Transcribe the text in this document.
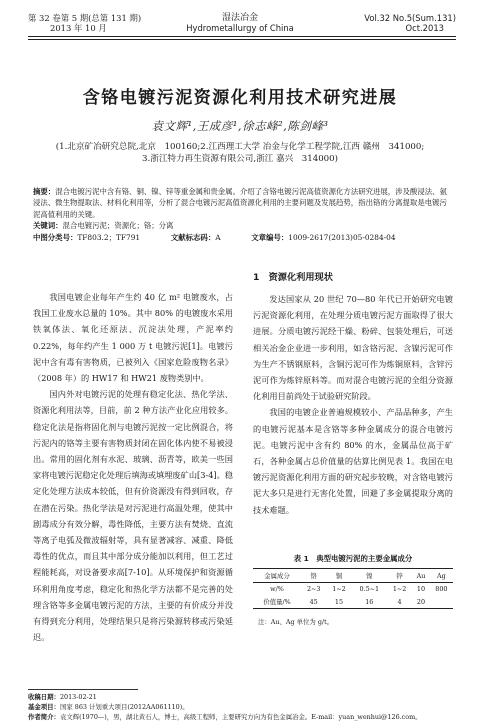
第 32 卷第 5 期(总第 131 期)
2013 年 10 月
湿法冶金
Hydrometallurgy of China
Vol.32 No.5(Sum.131)
Oct.2013
含铬电镀污泥资源化利用技术研究进展
袁文辉¹,王成彦¹,徐志峰²,陈剑峰³
(1.北京矿冶研究总院,北京　100160;2.江西理工大学 冶金与化学工程学院,江西 赣州　341000;
3.浙江特力再生资源有限公司,浙江 嘉兴　314000)
摘要：混合电镀污泥中含有铬、铜、镍、锌等重金属和贵金属。介绍了含铬电镀污泥高值资源化方法研究进展，涉及酸浸法、氨浸法、微生物提取法、材料化利用等，分析了混合电镀污泥高值资源化利用的主要问题及发展趋势，指出铬的分离提取是电镀污泥高值利用的关键。
关键词：混合电镀污泥；资源化；铬；分离
中图分类号：TF803.2；TF791	文献标志码：A	文章编号：1009-2617(2013)05-0284-04

我国电镀企业每年产生约 40 亿 m² 电镀废水，占我国工业废水总量的 10%。其中 80% 的电镀废水采用铁氧体法、氧化还原法、沉淀法处理，产泥率约 0.22%，每年约产生 1 000 万 t 电镀污泥[1]。电镀污泥中含有毒有害物质，已被列入《国家危险废物名录》（2008 年）的 HW17 和 HW21 废物类别中。

国内外对电镀污泥的处理有稳定化法、热化学法、资源化利用法等，目前，前 2 种方法产业化应用较多。稳定化法是指将固化剂与电镀污泥按一定比例混合，将污泥内的铬等主要有害物质封闭在固化体内使不易被浸出。常用的固化剂有水泥、玻璃、沥青等，欧美一些国家将电镀污泥稳定化处理后填海或填埋废矿山[3-4]。稳定化处理方法成本较低，但有价资源没有得到回收，存在潜在污染。热化学法是对污泥进行高温处理，使其中剧毒成分有效分解，毒性降低，主要方法有焚烧、直流等离子电弧及微波辐射等，具有显著减容、减重、降低毒性的优点，而且其中部分成分能加以利用，但工艺过程能耗高，对设备要求高[7-10]。从环境保护和资源循环利用角度考虑，稳定化和热化学方法都不是完善的处理含铬等多金属电镀污泥的方法，主要的有价成分并没有得到充分利用，处理结果只是将污染源转移或污染延迟。

1　资源化利用现状

发达国家从 20 世纪 70—80 年代已开始研究电镀污泥资源化利用，在处理分质电镀污泥方面取得了很大进展。分质电镀污泥经干燥、粉碎、包装处理后，可送相关冶金企业进一步利用，如含铬污泥、含镍污泥可作为生产不锈钢原料，含铜污泥可作为炼铜原料，含锌污泥可作为炼锌原料等。而对混合电镀污泥的全组分资源化利用目前尚处于试验研究阶段。

我国的电镀企业普遍规模较小、产品品种多，产生的电镀污泥基本是含铬等多种金属成分的混合电镀污泥。电镀污泥中含有约 80% 的水，金属品位高于矿石，各种金属占总价值量的估算比例见表 1。我国在电镀污泥资源化利用方面的研究起步较晚，对含铬电镀污泥大多只是进行无害化处置，回避了多金属提取分离的技术难题。

表 1　典型电镀污泥的主要金属成分
金属成分	铬	铜	镍	锌	Au	Ag
w/%	2~3	1~2	0.5~1	1~2	10	800
价值量/%	45	15	16	4	20	
注：Au、Ag 单位为 g/t。
收稿日期：2013-02-21
基金项目：国家 863 计划重大项目(2012AA061110)。
作者简介：袁文辉(1970—)，男，湖北黄石人，博士，高级工程师，主要研究方向为有色金属冶金。E-mail：yuan_wenhui@126.com。
